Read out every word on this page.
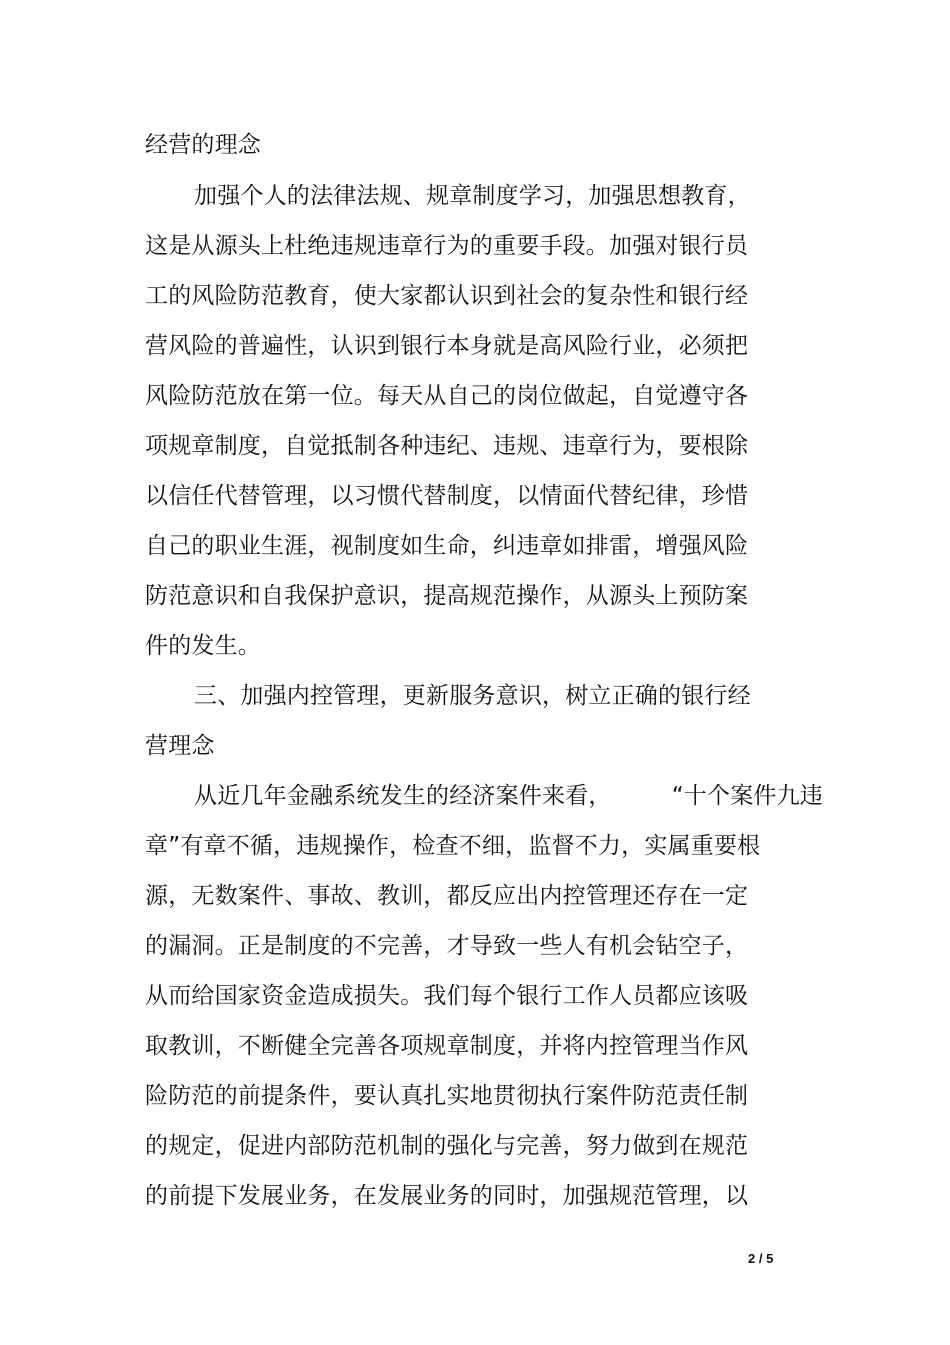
经营的理念
加强个人的法律法规、规章制度学习，加强思想教育，
这是从源头上杜绝违规违章行为的重要手段。加强对银行员
工的风险防范教育，使大家都认识到社会的复杂性和银行经
营风险的普遍性，认识到银行本身就是高风险行业，必须把
风险防范放在第一位。每天从自己的岗位做起，自觉遵守各
项规章制度，自觉抵制各种违纪、违规、违章行为，要根除
以信任代替管理，以习惯代替制度，以情面代替纪律，珍惜
自己的职业生涯，视制度如生命，纠违章如排雷，增强风险
防范意识和自我保护意识，提高规范操作，从源头上预防案
件的发生。
三、加强内控管理，更新服务意识，树立正确的银行经
营理念
从近几年金融系统发生的经济案件来看，        “十个案件九违
章”有章不循，违规操作，检查不细，监督不力，实属重要根
源，无数案件、事故、教训，都反应出内控管理还存在一定
的漏洞。正是制度的不完善，才导致一些人有机会钻空子，
从而给国家资金造成损失。我们每个银行工作人员都应该吸
取教训，不断健全完善各项规章制度，并将内控管理当作风
险防范的前提条件，要认真扎实地贯彻执行案件防范责任制
的规定，促进内部防范机制的强化与完善，努力做到在规范
的前提下发展业务，在发展业务的同时，加强规范管理，以
2 / 5
